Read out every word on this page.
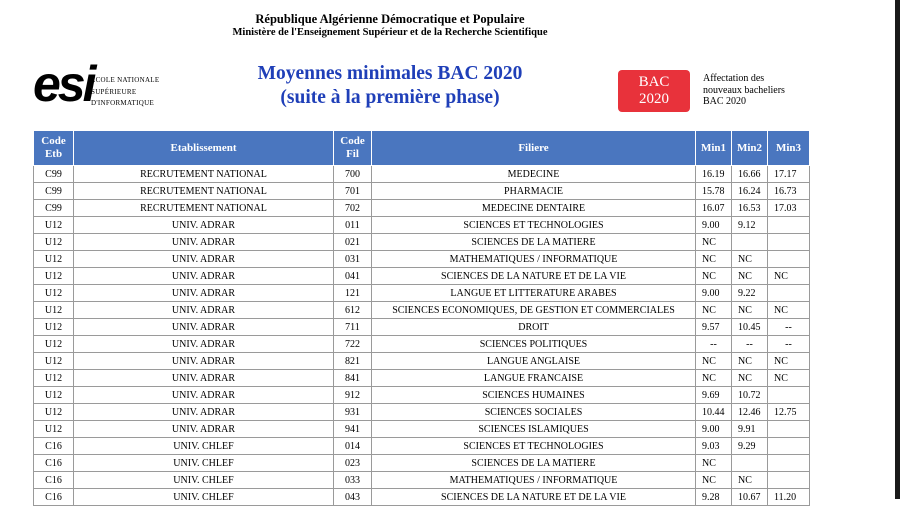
République Algérienne Démocratique et Populaire
Ministère de l'Enseignement Supérieur et de la Recherche Scientifique
esi
ÉCOLE NATIONALE
SUPÉRIEURE
D'INFORMATIQUE
Moyennes minimales BAC 2020
(suite à la première phase)
BAC
2020
Affectation des
nouveaux bacheliers
BAC 2020
Code Etb	Etablissement	Code Fil	Filiere	Min1	Min2	Min3
C99	RECRUTEMENT NATIONAL	700	MEDECINE	16.19	16.66	17.17
C99	RECRUTEMENT NATIONAL	701	PHARMACIE	15.78	16.24	16.73
C99	RECRUTEMENT NATIONAL	702	MEDECINE DENTAIRE	16.07	16.53	17.03
U12	UNIV. ADRAR	011	SCIENCES ET TECHNOLOGIES	9.00	9.12	
U12	UNIV. ADRAR	021	SCIENCES DE LA MATIERE	NC		
U12	UNIV. ADRAR	031	MATHEMATIQUES / INFORMATIQUE	NC	NC	
U12	UNIV. ADRAR	041	SCIENCES DE LA NATURE ET DE LA VIE	NC	NC	NC
U12	UNIV. ADRAR	121	LANGUE ET LITTERATURE ARABES	9.00	9.22	
U12	UNIV. ADRAR	612	SCIENCES ECONOMIQUES, DE GESTION ET COMMERCIALES	NC	NC	NC
U12	UNIV. ADRAR	711	DROIT	9.57	10.45	--
U12	UNIV. ADRAR	722	SCIENCES POLITIQUES	--	--	--
U12	UNIV. ADRAR	821	LANGUE ANGLAISE	NC	NC	NC
U12	UNIV. ADRAR	841	LANGUE FRANCAISE	NC	NC	NC
U12	UNIV. ADRAR	912	SCIENCES HUMAINES	9.69	10.72	
U12	UNIV. ADRAR	931	SCIENCES SOCIALES	10.44	12.46	12.75
U12	UNIV. ADRAR	941	SCIENCES ISLAMIQUES	9.00	9.91	
C16	UNIV. CHLEF	014	SCIENCES ET TECHNOLOGIES	9.03	9.29	
C16	UNIV. CHLEF	023	SCIENCES DE LA MATIERE	NC		
C16	UNIV. CHLEF	033	MATHEMATIQUES / INFORMATIQUE	NC	NC	
C16	UNIV. CHLEF	043	SCIENCES DE LA NATURE ET DE LA VIE	9.28	10.67	11.20
